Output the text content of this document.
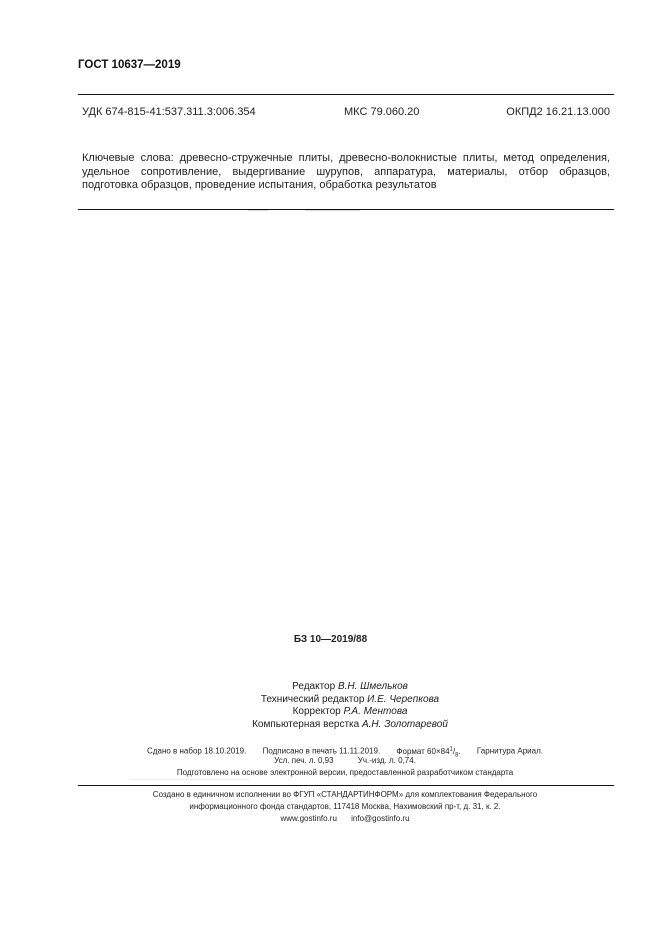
ГОСТ 10637—2019
УДК 674-815-41:537.311.3:006.354	МКС 79.060.20	ОКПД2 16.21.13.000
Ключевые слова: древесно-стружечные плиты, древесно-волокнистые плиты, метод определения, удельное сопротивление, выдергивание шурупов, аппаратура, материалы, отбор образцов, подготовка образцов, проведение испытания, обработка результатов
БЗ 10—2019/88
Редактор В.Н. Шмельков
Технический редактор И.Е. Черепкова
Корректор Р.А. Ментова
Компьютерная верстка А.Н. Золотаревой
Сдано в набор 18.10.2019. Подписано в печать 11.11.2019. Формат $60\times 84^1/_8$. Гарнитура Ариал.
Усл. печ. л. 0,93	Уч.-изд. л. 0,74.
Подготовлено на основе электронной версии, предоставленной разработчиком стандарта
Создано в единичном исполнении во ФГУП «СТАНДАРТИНФОРМ» для комплектования Федерального
информационного фонда стандартов, 117418 Москва, Нахимовский пр-т, д. 31, к. 2.
www.gostinfo.ru info@gostinfo.ru
